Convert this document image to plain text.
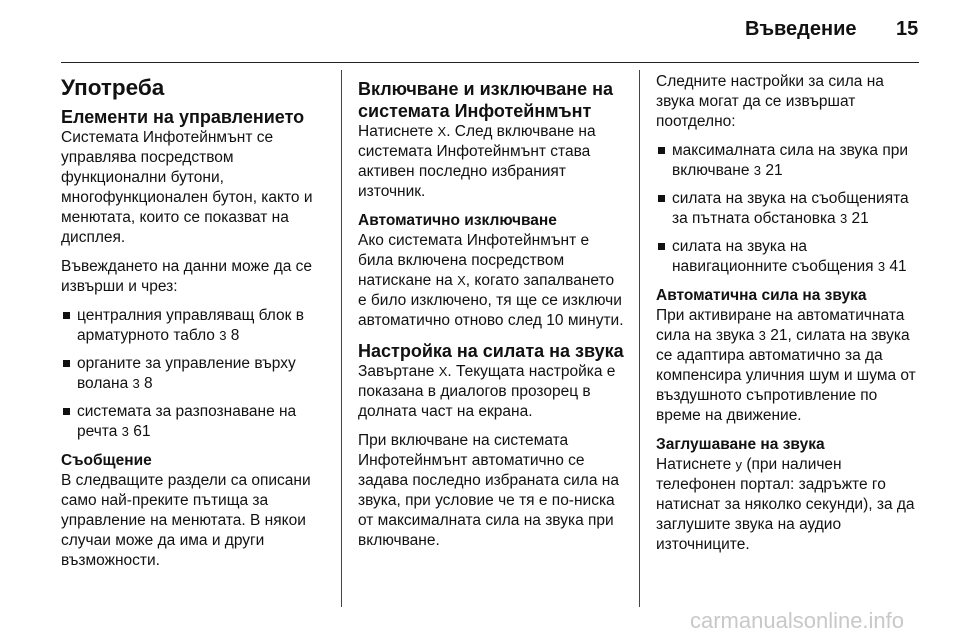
Въведение 15
Употреба
Елементи на управлението

Системата Инфотейнмънт се управлява посредством функционални бутони, многофункционален бутон, както и менютата, които се показват на дисплея.

Въвеждането на данни може да се извърши и чрез:

централния управляващ блок в арматурното табло 3 8
органите за управление върху волана 3 8
системата за разпознаване на речта 3 61
Съобщение

В следващите раздели са описани само най-преките пътища за управление на менютата. В някои случаи може да има и други възможности.

Включване и изключване на системата Инфотейнмънт

Натиснете X. След включване на системата Инфотейнмънт става активен последно избраният източник.

Автоматично изключване

Ако системата Инфотейнмънт е била включена посредством натискане на X, когато запалването е било изключено, тя ще се изключи автоматично отново след 10 минути.

Настройка на силата на звука

Завъртане X. Текущата настройка е показана в диалогов прозорец в долната част на екрана.

При включване на системата Инфотейнмънт автоматично се задава последно избраната сила на звука, при условие че тя е по-ниска от максималната сила на звука при включване.

Следните настройки за сила на звука могат да се извършат поотделно:

максималната сила на звука при включване 3 21
силата на звука на съобщенията за пътната обстановка 3 21
силата на звука на навигационните съобщения 3 41
Автоматична сила на звука

При активиране на автоматичната сила на звука 3 21, силата на звука се адаптира автоматично за да компенсира уличния шум и шума от въздушното съпротивление по време на движение.

Заглушаване на звука

Натиснете y (при наличен телефонен портал: задръжте го натиснат за няколко секунди), за да заглушите звука на аудио източниците.

carmanualsonline.info
